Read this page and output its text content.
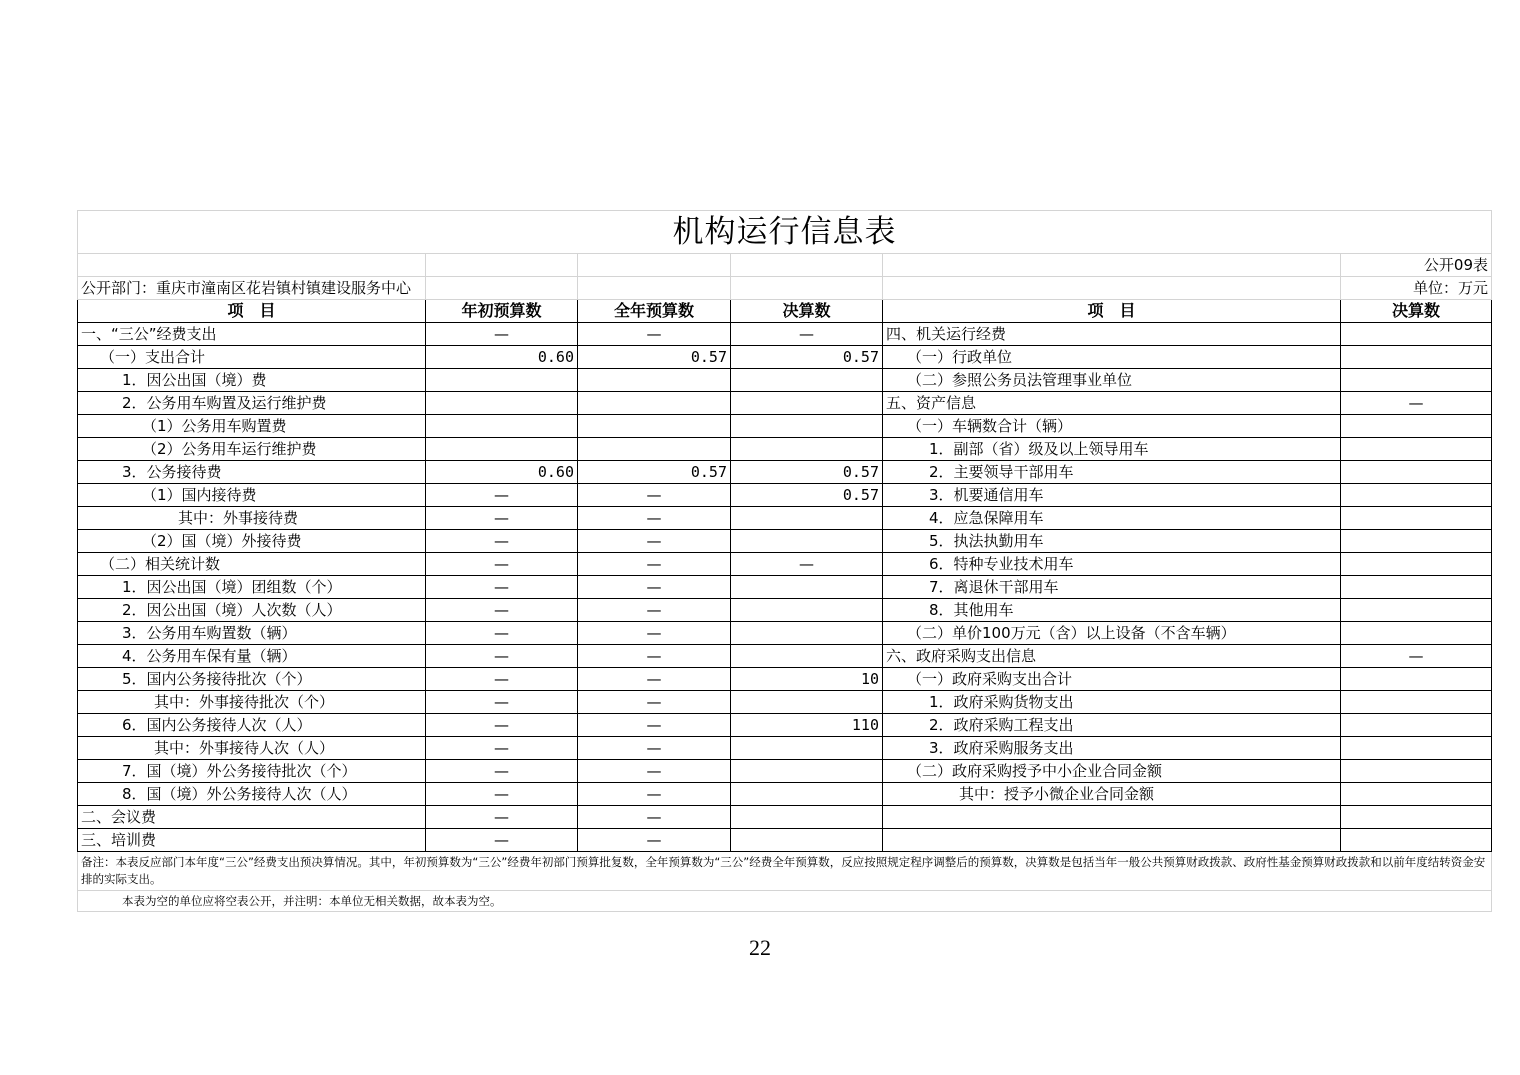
机构运行信息表					
					公开09表
公开部门：重庆市潼南区花岩镇村镇建设服务中心					单位：万元
项　目	年初预算数	全年预算数	决算数	项　目	决算数
一、“三公”经费支出	—	—	—	四、机关运行经费	
（一）支出合计	0.60	0.57	0.57	（一）行政单位	
1．因公出国（境）费				（二）参照公务员法管理事业单位	
2．公务用车购置及运行维护费				五、资产信息	—
（1）公务用车购置费				（一）车辆数合计（辆）	
（2）公务用车运行维护费				1．副部（省）级及以上领导用车	
3．公务接待费	0.60	0.57	0.57	2．主要领导干部用车	
（1）国内接待费	—	—	0.57	3．机要通信用车	
其中：外事接待费	—	—		4．应急保障用车	
（2）国（境）外接待费	—	—		5．执法执勤用车	
（二）相关统计数	—	—	—	6．特种专业技术用车	
1．因公出国（境）团组数（个）	—	—		7．离退休干部用车	
2．因公出国（境）人次数（人）	—	—		8．其他用车	
3．公务用车购置数（辆）	—	—		（二）单价100万元（含）以上设备（不含车辆）	
4．公务用车保有量（辆）	—	—		六、政府采购支出信息	—
5．国内公务接待批次（个）	—	—	10	（一）政府采购支出合计	
其中：外事接待批次（个）	—	—		1．政府采购货物支出	
6．国内公务接待人次（人）	—	—	110	2．政府采购工程支出	
其中：外事接待人次（人）	—	—		3．政府采购服务支出	
7．国（境）外公务接待批次（个）	—	—		（二）政府采购授予中小企业合同金额	
8．国（境）外公务接待人次（人）	—	—		其中：授予小微企业合同金额	
二、会议费	—	—			
三、培训费	—	—			
备注：本表反应部门本年度“三公”经费支出预决算情况。其中，年初预算数为“三公”经费年初部门预算批复数，全年预算数为“三公”经费全年预算数，反应按照规定程序调整后的预算数，决算数是包括当年一般公共预算财政拨款、政府性基金预算财政拨款和以前年度结转资金安排的实际支出。					
本表为空的单位应将空表公开，并注明：本单位无相关数据，故本表为空。					
22
